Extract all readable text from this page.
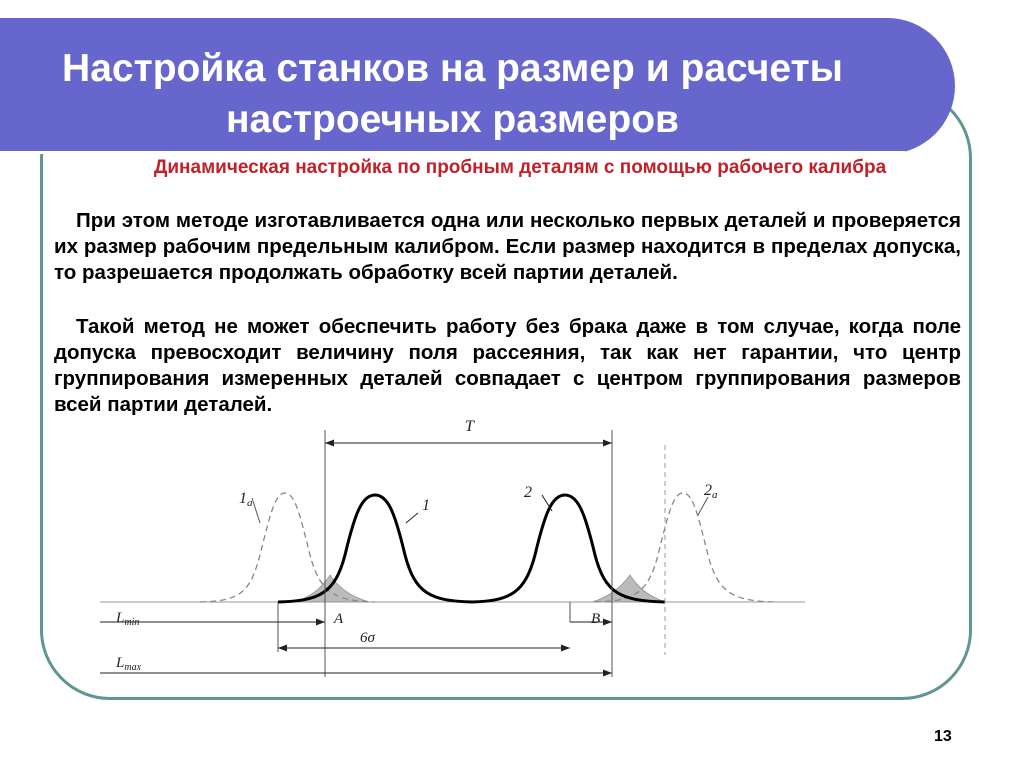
Настройка станков на размер и расчеты настроечных размеров

Динамическая настройка по пробным деталям с помощью рабочего калибра

При этом методе изготавливается одна или несколько первых деталей и проверяется их размер рабочим предельным калибром. Если размер находится в пределах допуска, то разрешается продолжать обработку всей партии деталей.

Такой метод не может обеспечить работу без брака даже в том случае, когда поле допуска превосходит величину поля рассеяния, так как нет гарантии, что центр группирования измеренных деталей совпадает с центром группирования размеров всей партии деталей.

T
1
2
1a
2a
A	B
6σ
$L_{min}$
$L_{max}$
13
